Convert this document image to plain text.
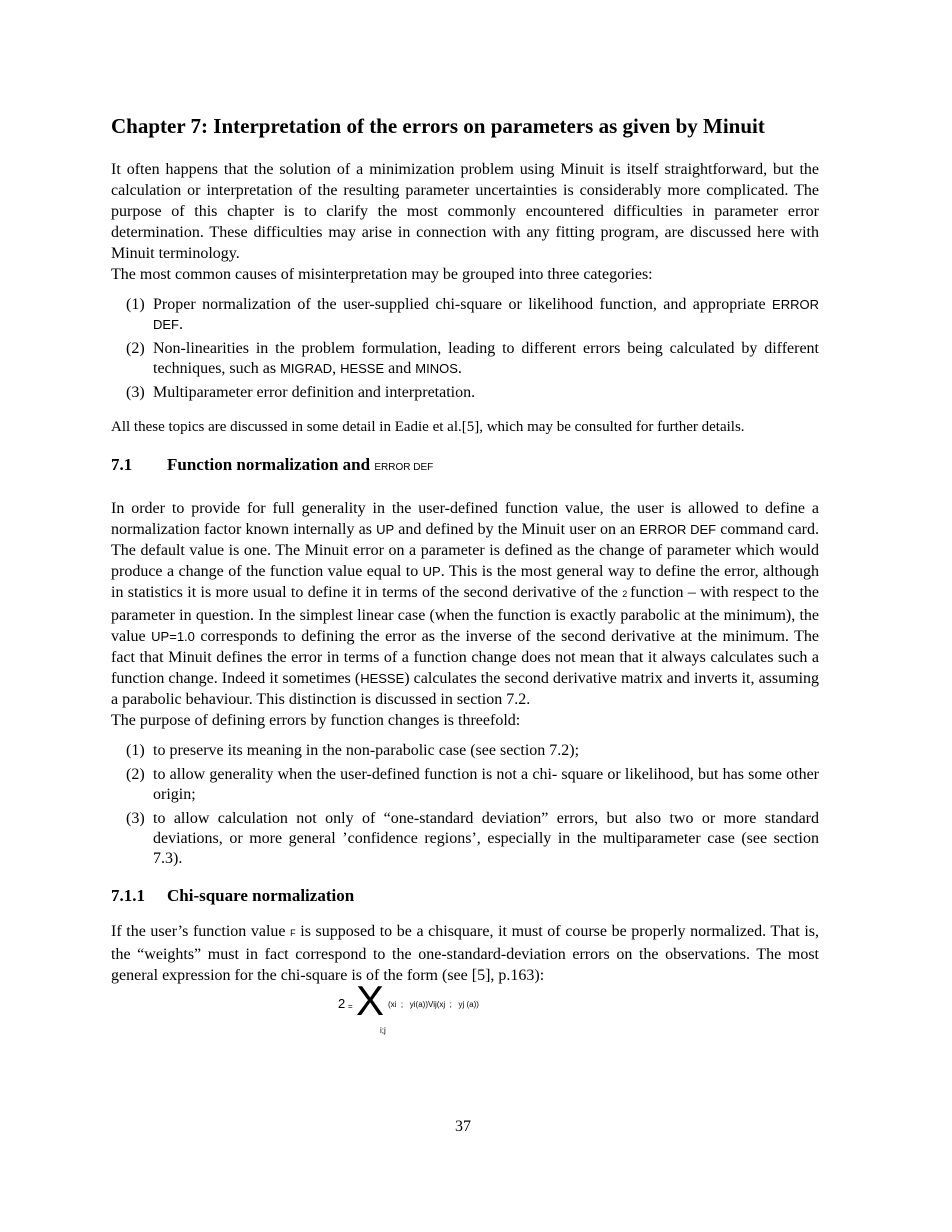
Chapter 7: Interpretation of the errors on parameters as given by Minuit

It often happens that the solution of a minimization problem using Minuit is itself straightforward, but the calculation or interpretation of the resulting parameter uncertainties is considerably more complicated. The purpose of this chapter is to clarify the most commonly encountered difficulties in parameter error determination. These difficulties may arise in connection with any fitting program, are discussed here with Minuit terminology.

The most common causes of misinterpretation may be grouped into three categories:

(1) Proper normalization of the user-supplied chi-square or likelihood function, and appropriate ERROR DEF.
(2) Non-linearities in the problem formulation, leading to different errors being calculated by different techniques, such as MIGRAD, HESSE and MINOS.
(3) Multiparameter error definition and interpretation.

All these topics are discussed in some detail in Eadie et al.[5], which may be consulted for further details.

7.1 Function normalization and ERROR DEF

In order to provide for full generality in the user-defined function value, the user is allowed to define a normalization factor known internally as UP and defined by the Minuit user on an ERROR DEF command card. The default value is one. The Minuit error on a parameter is defined as the change of parameter which would produce a change of the function value equal to UP. This is the most general way to define the error, although in statistics it is more usual to define it in terms of the second derivative of the 2 function – with respect to the parameter in question. In the simplest linear case (when the function is exactly parabolic at the minimum), the value UP=1.0 corresponds to defining the error as the inverse of the second derivative at the minimum. The fact that Minuit defines the error in terms of a function change does not mean that it always calculates such a function change. Indeed it sometimes (HESSE) calculates the second derivative matrix and inverts it, assuming a parabolic behaviour. This distinction is discussed in section 7.2.

The purpose of defining errors by function changes is threefold:

(1) to preserve its meaning in the non-parabolic case (see section 7.2);
(2) to allow generality when the user-defined function is not a chi- square or likelihood, but has some other origin;
(3) to allow calculation not only of “one-standard deviation” errors, but also two or more standard deviations, or more general ’confidence regions’, especially in the multiparameter case (see section 7.3).
7.1.1 Chi-square normalization

If the user’s function value F is supposed to be a chisquare, it must of course be properly normalized. That is, the “weights” must in fact correspond to the one-standard-deviation errors on the observations. The most general expression for the chi-square is of the form (see [5], p.163):

2 = X (xi  ;   yi(a))Vij(xj  ;   yj (a))
i;j
37
